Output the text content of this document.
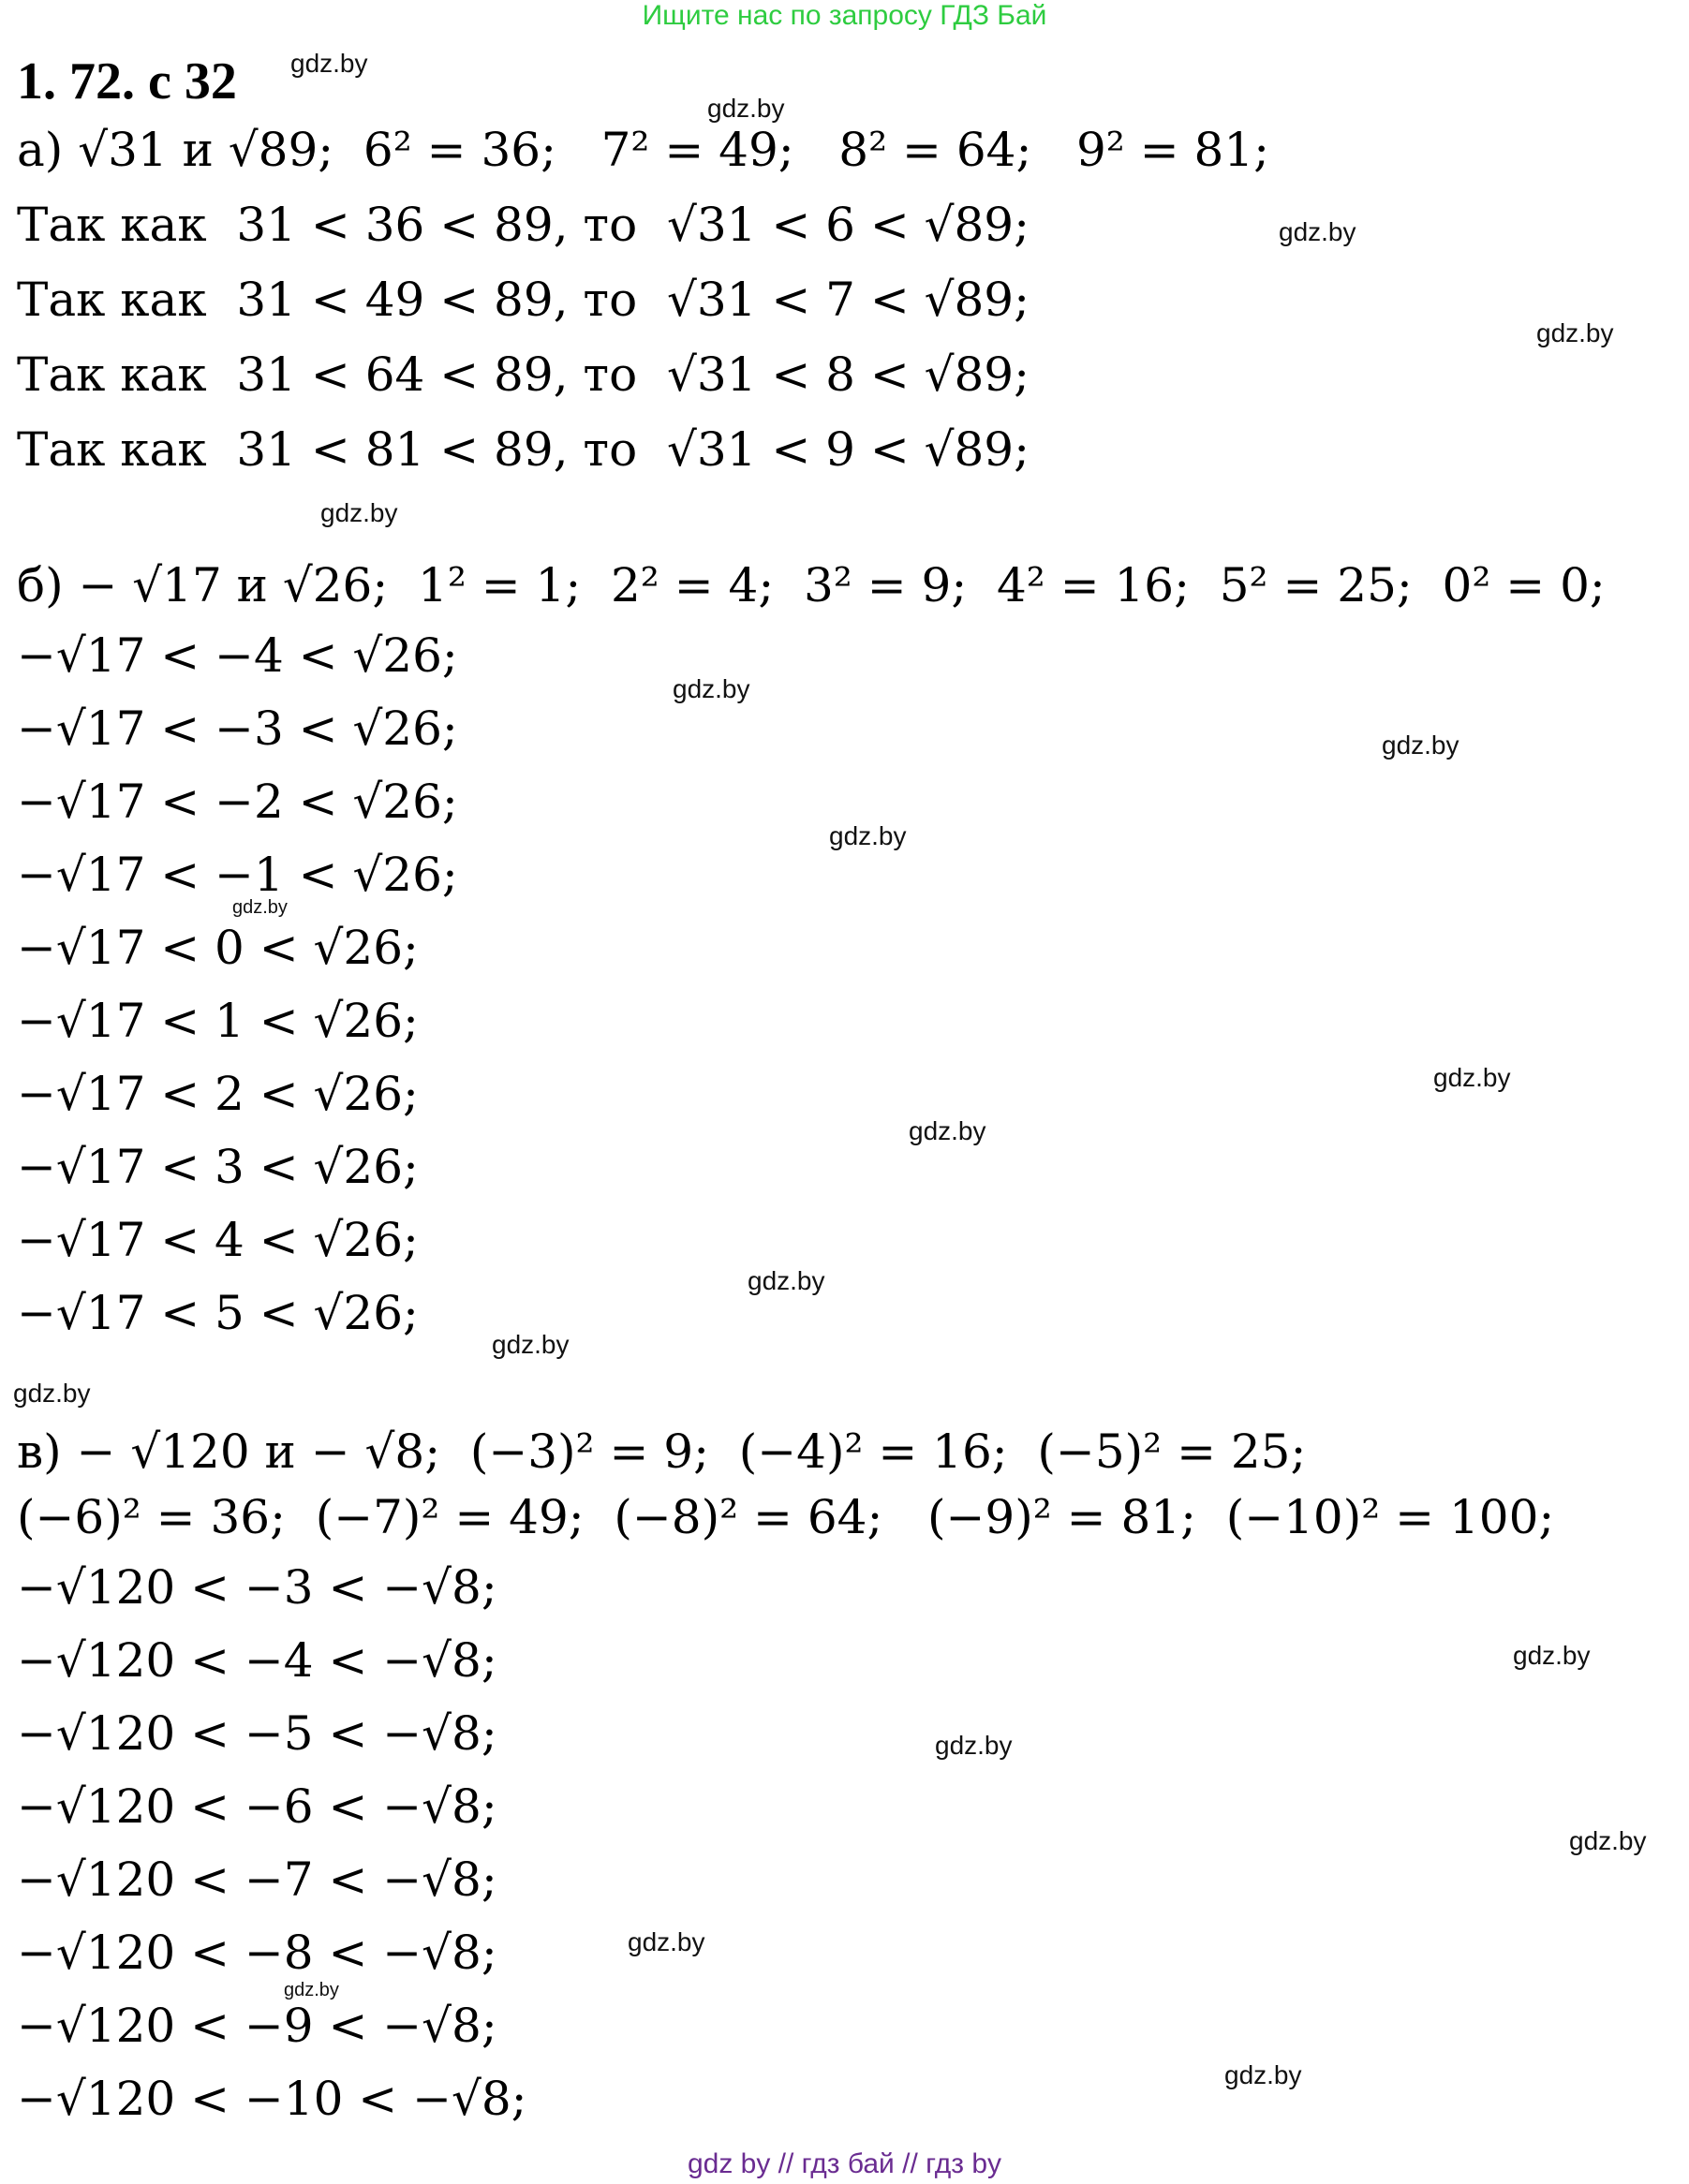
Ищите нас по запросу ГДЗ Бай
1. 72. с 32
а) √31 и √89;  6² = 36;   7² = 49;   8² = 64;   9² = 81;
Так как  31 < 36 < 89, то  √31 < 6 < √89;
Так как  31 < 49 < 89, то  √31 < 7 < √89;
Так как  31 < 64 < 89, то  √31 < 8 < √89;
Так как  31 < 81 < 89, то  √31 < 9 < √89;
б) − √17 и √26;  1² = 1;  2² = 4;  3² = 9;  4² = 16;  5² = 25;  0² = 0;
−√17 < −4 < √26;
−√17 < −3 < √26;
−√17 < −2 < √26;
−√17 < −1 < √26;
−√17 < 0 < √26;
−√17 < 1 < √26;
−√17 < 2 < √26;
−√17 < 3 < √26;
−√17 < 4 < √26;
−√17 < 5 < √26;
в) − √120 и − √8;  (−3)² = 9;  (−4)² = 16;  (−5)² = 25;
(−6)² = 36;  (−7)² = 49;  (−8)² = 64;   (−9)² = 81;  (−10)² = 100;
−√120 < −3 < −√8;
−√120 < −4 < −√8;
−√120 < −5 < −√8;
−√120 < −6 < −√8;
−√120 < −7 < −√8;
−√120 < −8 < −√8;
−√120 < −9 < −√8;
−√120 < −10 < −√8;
gdz.by
gdz.by
gdz.by
gdz.by
gdz.by
gdz.by
gdz.by
gdz.by
gdz.by
gdz.by
gdz.by
gdz.by
gdz.by
gdz.by
gdz.by
gdz.by
gdz.by
gdz.by
gdz.by
gdz.by
gdz by // гдз бай // гдз by
